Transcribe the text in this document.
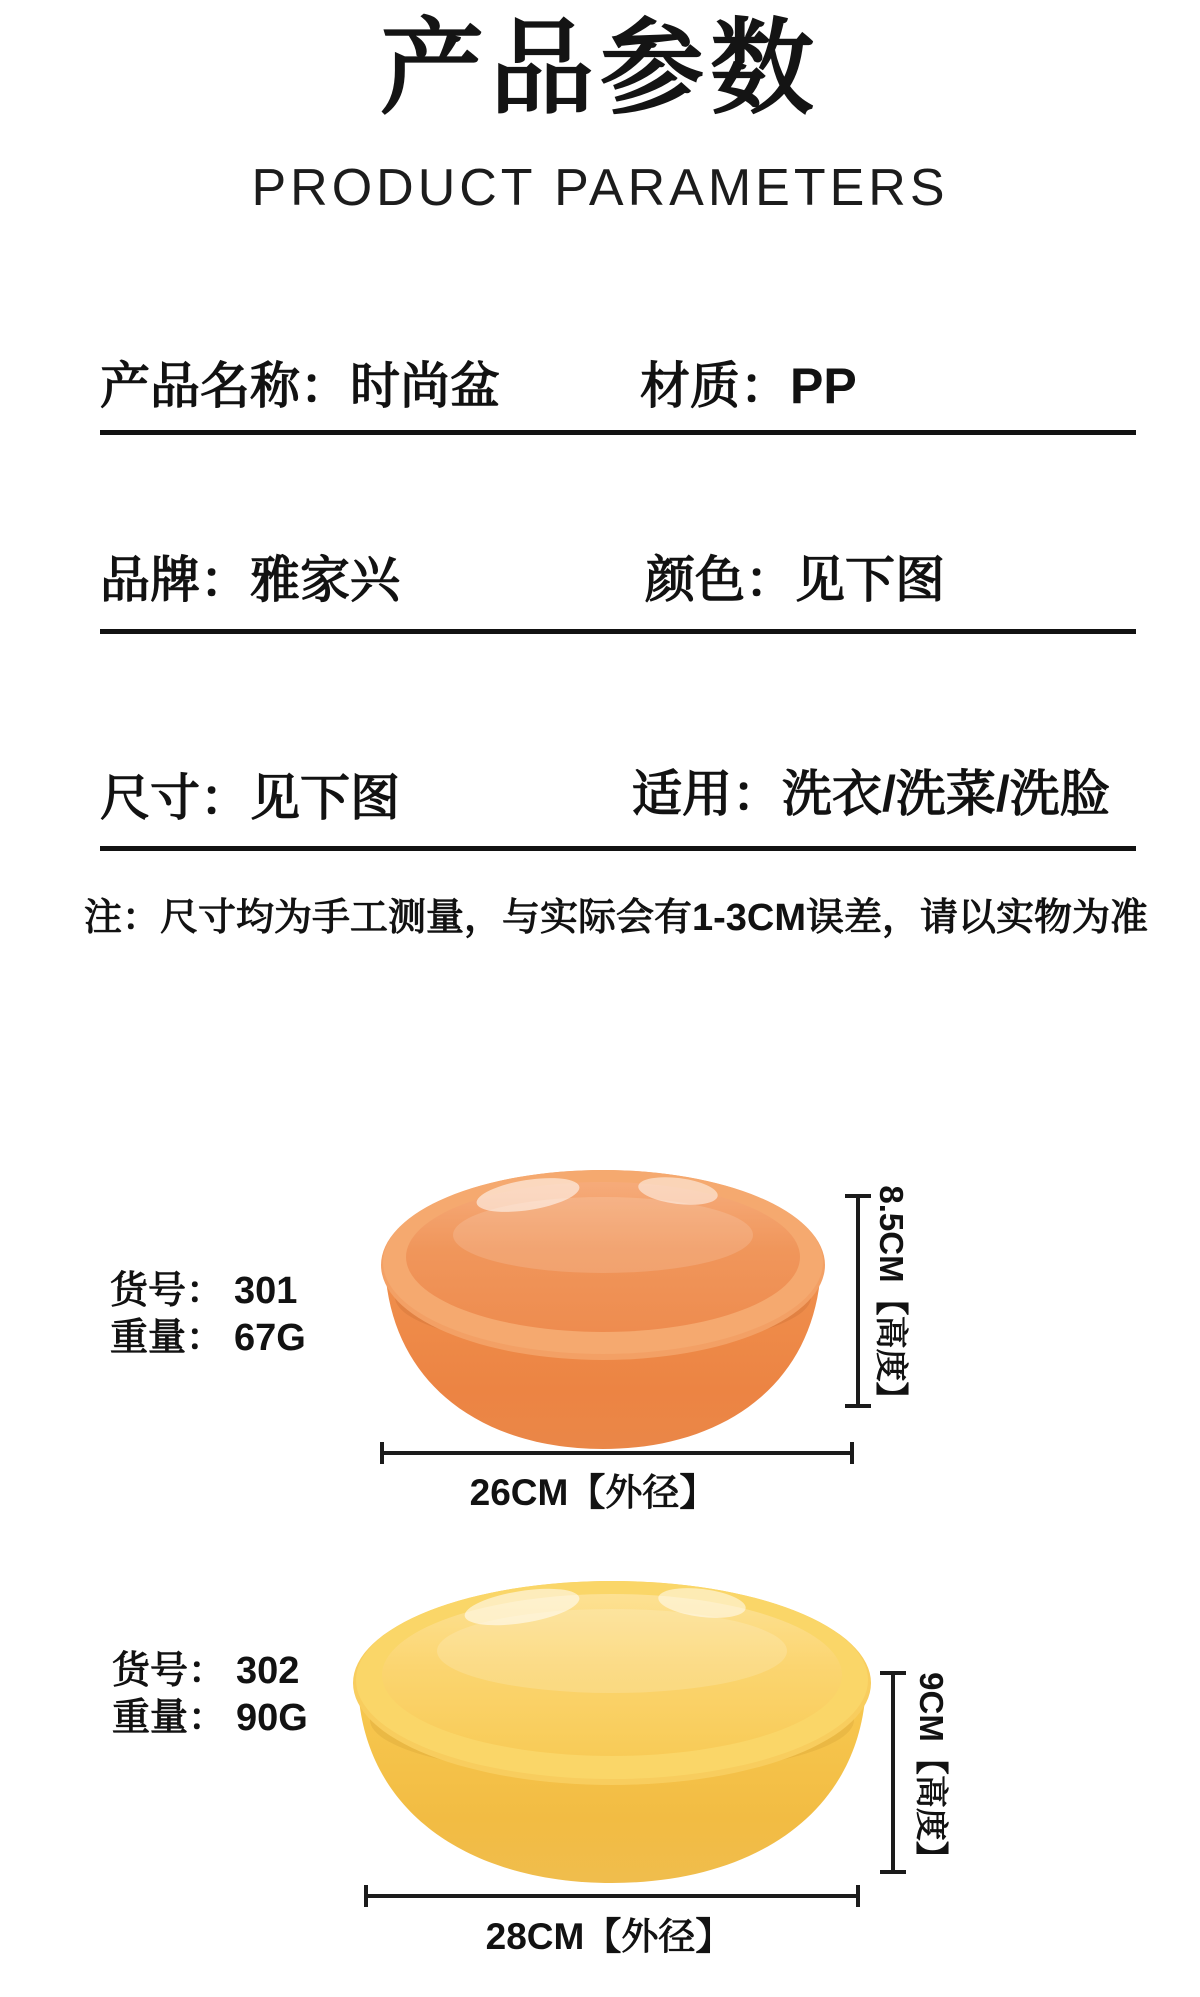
产品参数
PRODUCT PARAMETERS
产品名称：时尚盆	材质：PP
品牌：雅家兴	颜色：见下图
尺寸：见下图	适用：洗衣/洗菜/洗脸
注：尺寸均为手工测量，与实际会有1-3CM误差，请以实物为准
货号： 301
重量： 67G	8.5CM【高度】
26CM【外径】
货号： 302
重量： 90G	9CM【高度】
28CM【外径】
